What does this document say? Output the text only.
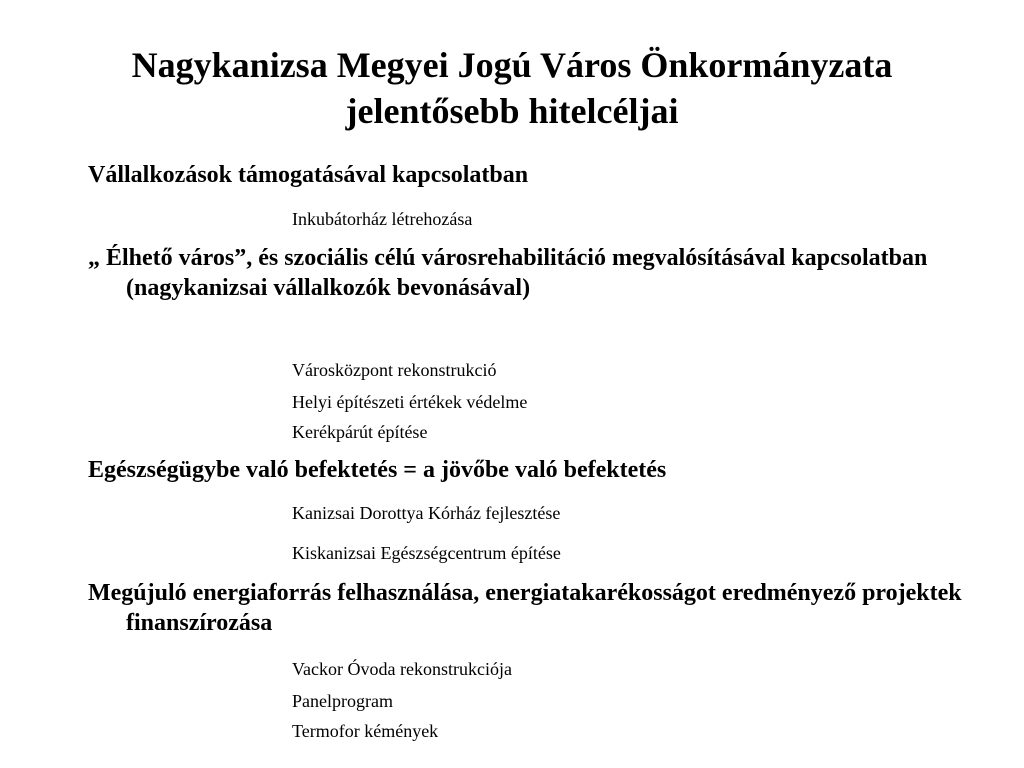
Nagykanizsa Megyei Jogú Város Önkormányzata
jelentősebb hitelcéljai
Vállalkozások támogatásával kapcsolatban
Inkubátorház létrehozása
„ Élhető város”, és szociális célú városrehabilitáció megvalósításával kapcsolatban (nagykanizsai vállalkozók bevonásával)
Városközpont rekonstrukció
Helyi építészeti értékek védelme
Kerékpárút építése
Egészségügybe való befektetés = a jövőbe való befektetés
Kanizsai Dorottya Kórház fejlesztése
Kiskanizsai Egészségcentrum építése
Megújuló energiaforrás felhasználása, energiatakarékosságot eredményező projektek finanszírozása
Vackor Óvoda rekonstrukciója
Panelprogram
Termofor kémények
